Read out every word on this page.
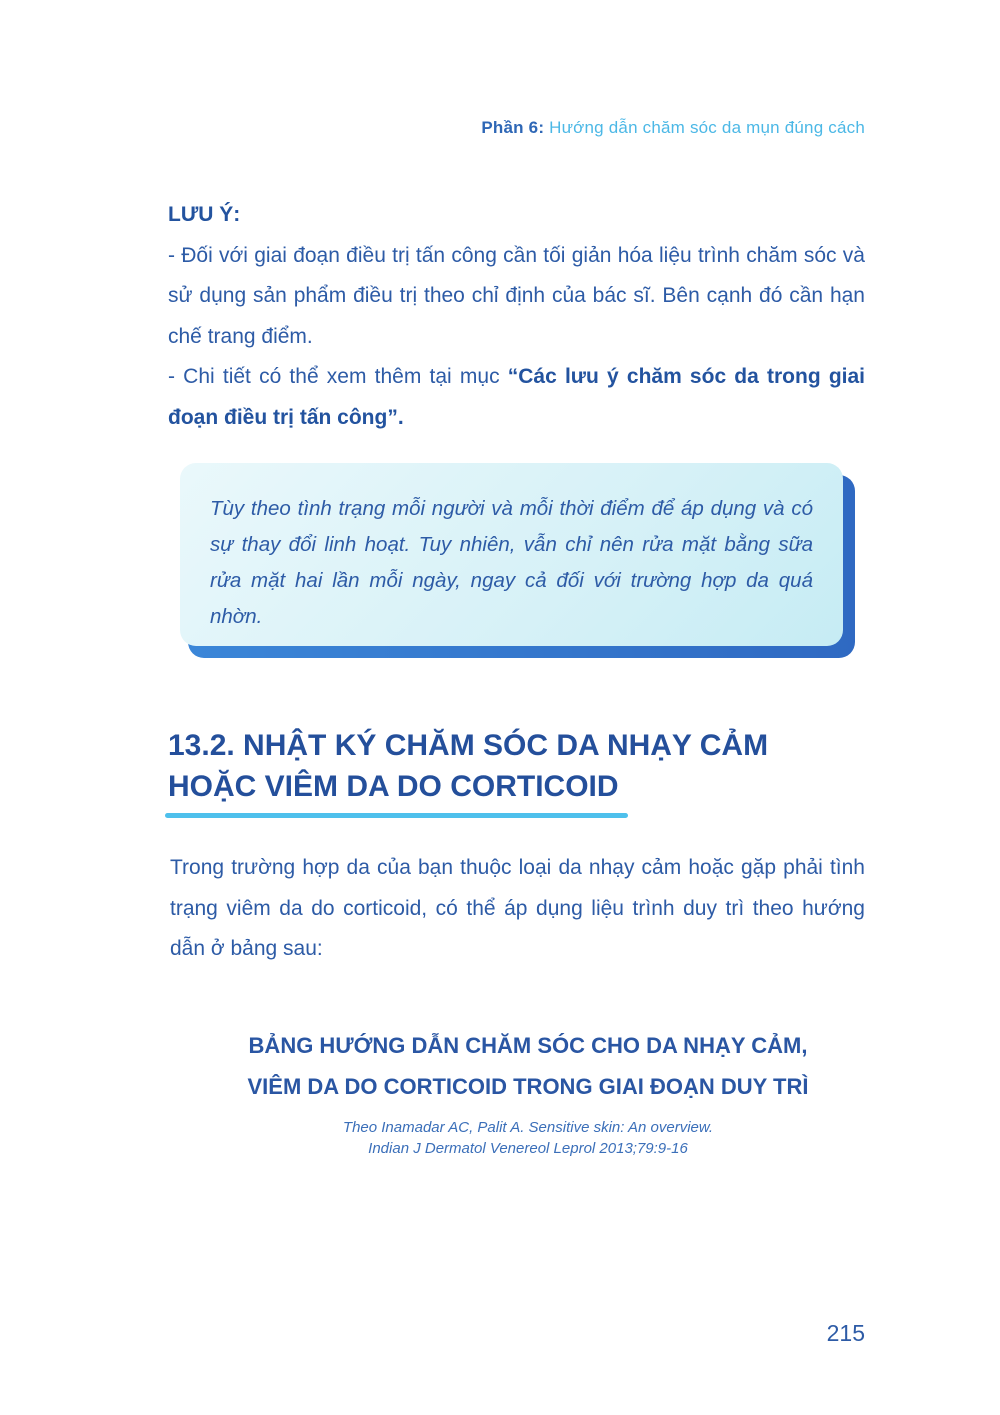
Phần 6: Hướng dẫn chăm sóc da mụn đúng cách

LƯU Ý:

- Đối với giai đoạn điều trị tấn công cần tối giản hóa liệu trình chăm sóc và sử dụng sản phẩm điều trị theo chỉ định của bác sĩ. Bên cạnh đó cần hạn chế trang điểm.

- Chi tiết có thể xem thêm tại mục “Các lưu ý chăm sóc da trong giai đoạn điều trị tấn công”.

Tùy theo tình trạng mỗi người và mỗi thời điểm để áp dụng và có sự thay đổi linh hoạt. Tuy nhiên, vẫn chỉ nên rửa mặt bằng sữa rửa mặt hai lần mỗi ngày, ngay cả đối với trường hợp da quá nhờn.

13.2. NHẬT KÝ CHĂM SÓC DA NHẠY CẢM
HOẶC VIÊM DA DO CORTICOID

Trong trường hợp da của bạn thuộc loại da nhạy cảm hoặc gặp phải tình trạng viêm da do corticoid, có thể áp dụng liệu trình duy trì theo hướng dẫn ở bảng sau:

BẢNG HƯỚNG DẪN CHĂM SÓC CHO DA NHẠY CẢM,
VIÊM DA DO CORTICOID TRONG GIAI ĐOẠN DUY TRÌ
Theo Inamadar AC, Palit A. Sensitive skin: An overview.
Indian J Dermatol Venereol Leprol 2013;79:9-16
215
